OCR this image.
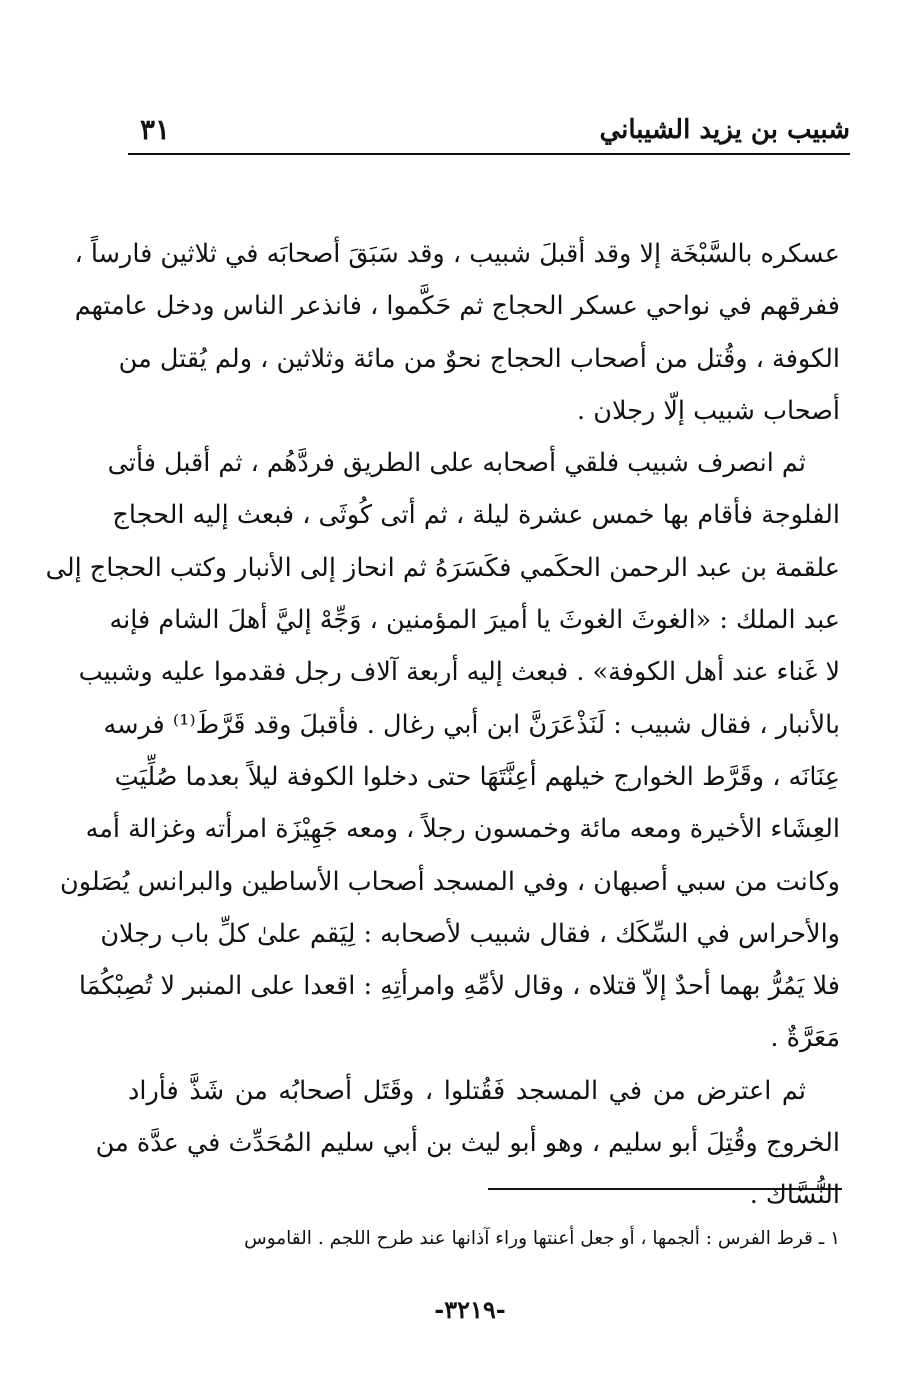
شبيب بن يزيد الشيباني
٣١
عسكره بالسَّبْخَة إلا وقد أقبلَ شبيب ، وقد سَبَقَ أصحابَه في ثلاثين فارساً ،
ففرقهم في نواحي عسكر الحجاج ثم حَكَّموا ، فانذعر الناس ودخل عامتهم
الكوفة ، وقُتل من أصحاب الحجاج نحوٌ من مائة وثلاثين ، ولم يُقتل من
أصحاب شبيب إلّا رجلان .
ثم انصرف شبيب فلقي أصحابه على الطريق فردَّهُم ، ثم أقبل فأتى
الفلوجة فأقام بها خمس عشرة ليلة ، ثم أتى كُوثَى ، فبعث إليه الحجاج
علقمة بن عبد الرحمن الحكَمي فكَسَرَهُ ثم انحاز إلى الأنبار وكتب الحجاج إلى
عبد الملك : «الغوثَ الغوثَ يا أميرَ المؤمنين ، وَجِّهْ إليَّ أهلَ الشام فإنه
لا غَناء عند أهل الكوفة» . فبعث إليه أربعة آلاف رجل فقدموا عليه وشبيب
بالأنبار ، فقال شبيب : لَنَذْعَرَنَّ ابن أبي رغال . فأقبلَ وقد قَرَّطَ⁽¹⁾ فرسه
عِنَانَه ، وقَرَّط الخوارج خيلهم أعِنَّتَهَا حتى دخلوا الكوفة ليلاً بعدما صُلِّيَتِ
العِشَاء الأخيرة ومعه مائة وخمسون رجلاً ، ومعه جَهِيْزَة امرأته وغزالة أمه
وكانت من سبي أصبهان ، وفي المسجد أصحاب الأساطين والبرانس يُصَلون
والأحراس في السِّكَك ، فقال شبيب لأصحابه : لِيَقم علىٰ كلِّ باب رجلان
فلا يَمُرُّ بهما أحدٌ إلاّ قتلاه ، وقال لأمِّهِ وامرأتِهِ : اقعدا على المنبر لا تُصِبْكُمَا
مَعَرَّةٌ .
ثم اعترض من في المسجد فَقُتلوا ، وقَتَل أصحابُه من شَذَّ فأراد
الخروج وقُتِلَ أبو سليم ، وهو أبو ليث بن أبي سليم المُحَدِّث في عدَّة من
النُّسَّاك .
١ ـ قرط الفرس : ألجمها ، أو جعل أعنتها وراء آذانها عند طرح اللجم . القاموس
-٣٢١٩-
